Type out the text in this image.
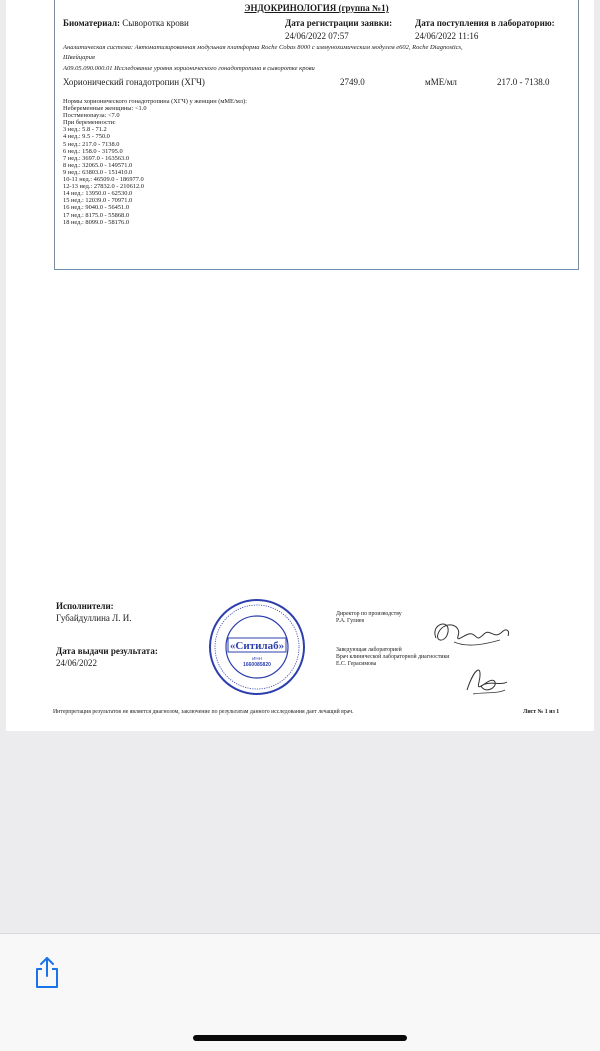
ЭНДОКРИНОЛОГИЯ (группа №1)
Биоматериал: Сыворотка крови	Дата регистрации заявки:
24/06/2022 07:57
Дата поступления в лабораторию:
24/06/2022 11:16
Аналитическая система: Автоматизированная модульная платформа Roche Cobas 8000 с иммунохимическим модулем e602, Roche Diagnostics,
Швейцария
A09.05.090.000.01 Исследование уровня хорионического гонадотропина в сыворотке крови
Хорионический гонадотропин (ХГЧ)	2749.0	мМЕ/мл	217.0 - 7138.0
Нормы хорионического гонадотропина (ХГЧ) у женщин (мМЕ/мл):
Небеременные женщины: <1.0
Постменопауза: <7.0
При беременности:
3 нед.: 5.8 - 71.2
4 нед.: 9.5 - 750.0
5 нед.: 217.0 - 7138.0
6 нед.: 158.0 - 31795.0
7 нед.: 3697.0 - 163563.0
8 нед.: 32065.0 - 149571.0
9 нед.: 63803.0 - 151410.0
10-11 нед.: 46509.0 - 186977.0
12-13 нед.: 27832.0 - 210612.0
14 нед.: 13950.0 - 62530.0
15 нед.: 12039.0 - 70971.0
16 нед.: 9040.0 - 56451.0
17 нед.: 8175.0 - 55868.0
18 нед.: 8099.0 - 58176.0
Исполнители:
Губайдуллина Л. И.
Дата выдачи результата:
24/06/2022
«Ситилаб»
ИНН
1660085820
Директор по производству
Р.А. Гулиев
Заведующая лабораторией
Врач клинической лабораторной диагностики
Е.С. Герасимова
Интерпретация результатов не является диагнозом, заключение по результатам данного исследования дает лечащий врач.	Лист № 1 из 1
